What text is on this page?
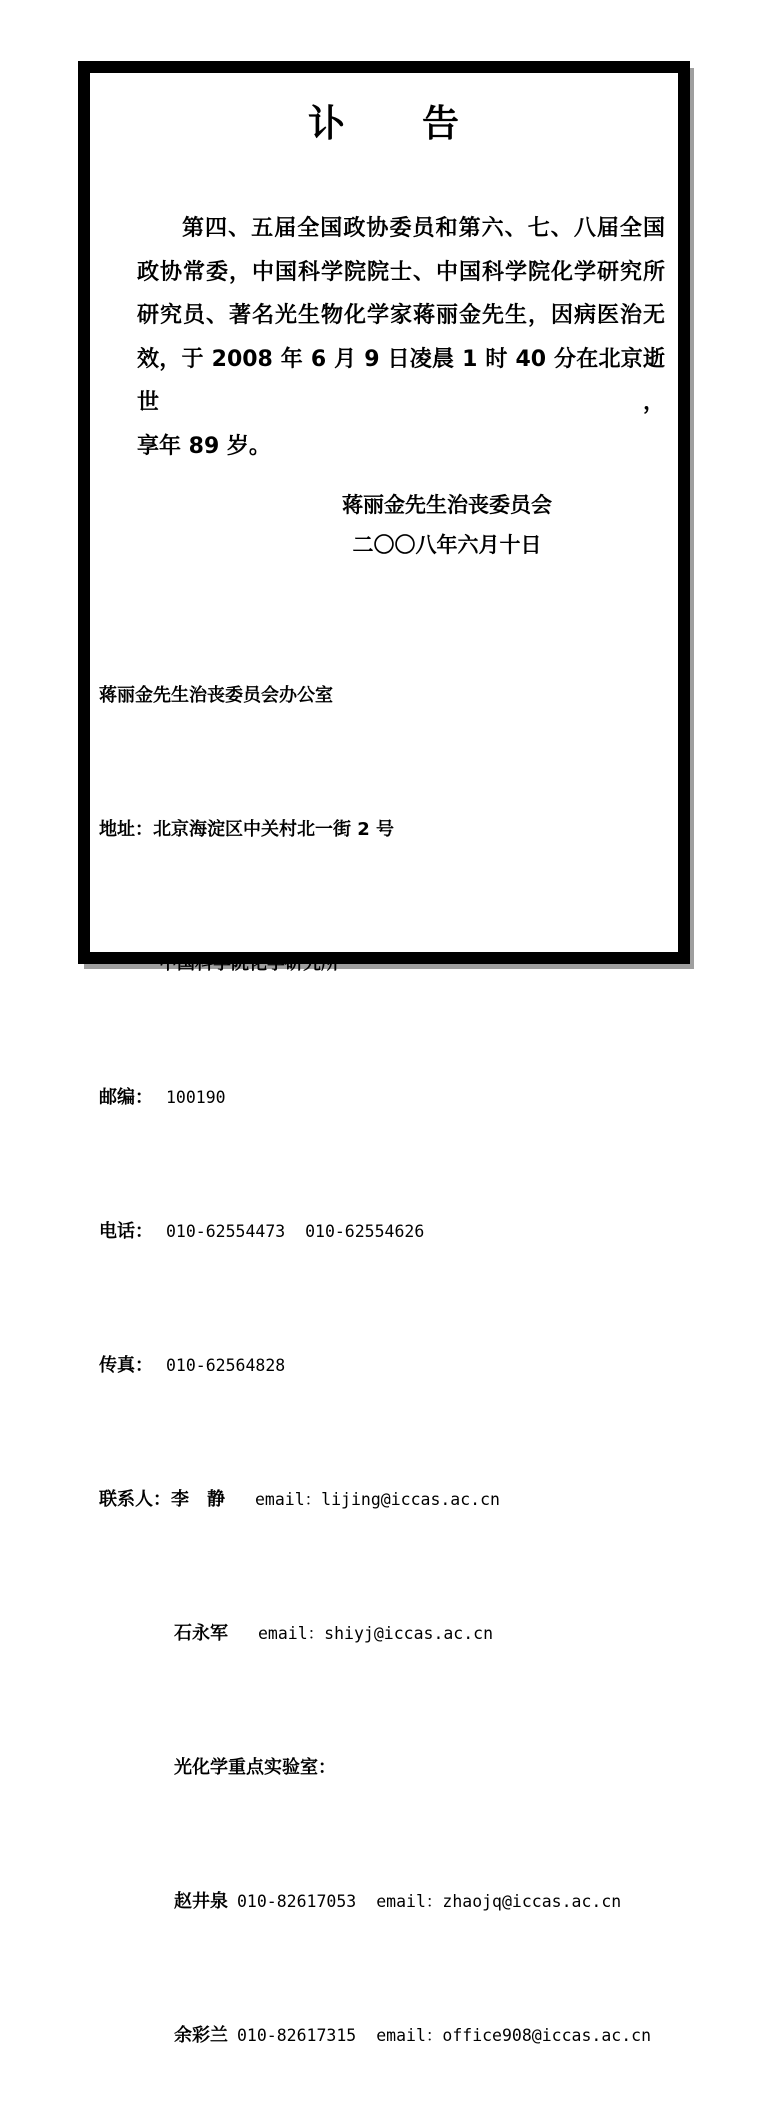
讣　　告
第四、五届全国政协委员和第六、七、八届全国
政协常委，中国科学院院士、中国科学院化学研究所
研究员、著名光生物化学家蒋丽金先生，因病医治无
效，于 2008 年 6 月 9 日凌晨 1 时 40 分在北京逝世，
享年 89 岁。
蒋丽金先生治丧委员会
二〇〇八年六月十日

蒋丽金先生治丧委员会办公室

地址：北京海淀区中关村北一街 2 号

中国科学院化学研究所

邮编： 100190

电话： 010-62554473  010-62554626

传真： 010-62564828

联系人：李　静 email：lijing@iccas.ac.cn

石永军 email：shiyj@iccas.ac.cn

光化学重点实验室：

赵井泉 010-82617053 email：zhaojq@iccas.ac.cn

余彩兰 010-82617315 email：office908@iccas.ac.cn
